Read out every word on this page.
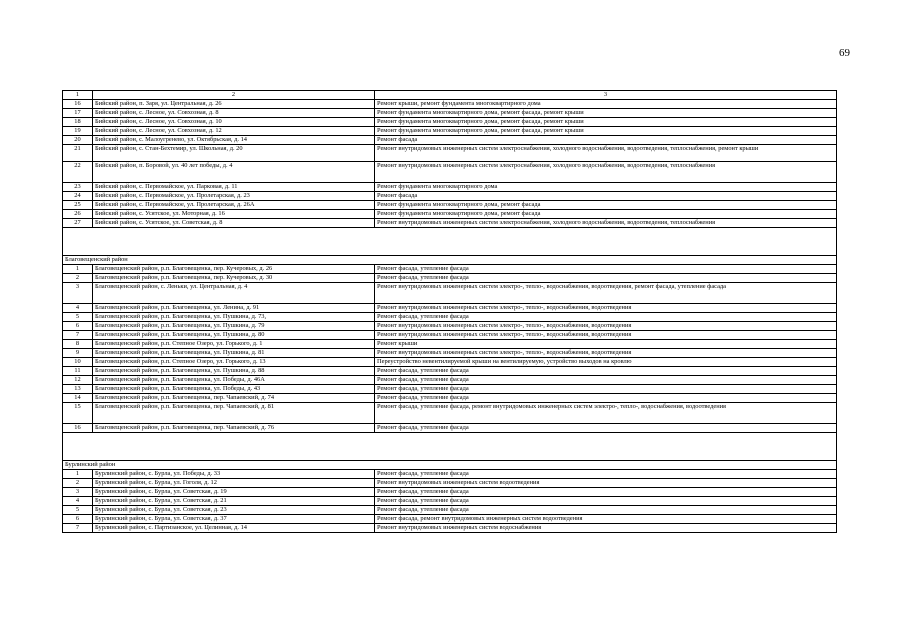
69
1	2	3
16	Бийский район, п. Заря, ул. Центральная, д. 26	Ремонт крыши, ремонт фундамента многоквартирного дома
17	Бийский район, с. Лесное, ул. Совхозная, д. 8	Ремонт фундамента многоквартирного дома, ремонт фасада, ремонт крыши
18	Бийский район, с. Лесное, ул. Совхозная, д. 10	Ремонт фундамента многоквартирного дома, ремонт фасада, ремонт крыши
19	Бийский район, с. Лесное, ул. Совхозная, д. 12	Ремонт фундамента многоквартирного дома, ремонт фасада, ремонт крыши
20	Бийский район, с. Малоугренево, ул. Октябрьская, д. 14	Ремонт фасада
21	Бийский район, с. Стан-Бехтемир, ул. Школьная, д. 20	Ремонт внутридомовых инженерных систем электроснабжения, холодного водоснабжения, водоотведения, теплоснабжения, ремонт крыши
22	Бийский район, п. Боровой, ул. 40 лет победы, д. 4	Ремонт внутридомовых инженерных систем электроснабжения, холодного водоснабжения, водоотведения, теплоснабжения
23	Бийский район, с. Первомайское, ул. Парковая, д. 11	Ремонт фундамента многоквартирного дома
24	Бийский район, с. Первомайское, ул. Пролетарская, д. 23	Ремонт фасада
25	Бийский район, с. Первомайское, ул. Пролетарская, д. 26А	Ремонт фундамента многоквартирного дома, ремонт фасада
26	Бийский район, с. Усятское, ул. Моторная, д. 16	Ремонт фундамента многоквартирного дома, ремонт фасада
27	Бийский район, с. Усятское, ул. Советская, д. 8	Ремонт внутридомовых инженерных систем электроснабжения, холодного водоснабжения, водоотведения, теплоснабжения

Благовещенский район		
1	Благовещенский район, р.п. Благовещенка, пер. Кучеровых, д. 26	Ремонт фасада, утепление фасада
2	Благовещенский район, р.п. Благовещенка, пер. Кучеровых, д. 30	Ремонт фасада, утепление фасада
3	Благовещенский район, с. Леньки, ул. Центральная, д. 4	Ремонт внутридомовых инженерных систем электро-, тепло-, водоснабжения, водоотведения, ремонт фасада, утепление фасада
4	Благовещенский район, р.п. Благовещенка, ул. Ленина, д. 91	Ремонт внутридомовых инженерных систем электро-, тепло-, водоснабжения, водоотведения
5	Благовещенский район, р.п. Благовещенка, ул. Пушкина, д. 73,	Ремонт фасада, утепление фасада
6	Благовещенский район, р.п. Благовещенка, ул. Пушкина, д. 79	Ремонт внутридомовых инженерных систем электро-, тепло-, водоснабжения, водоотведения
7	Благовещенский район, р.п. Благовещенка, ул. Пушкина, д. 80	Ремонт внутридомовых инженерных систем электро-, тепло-, водоснабжения, водоотведения
8	Благовещенский район, р.п. Степное Озеро, ул. Горького, д. 1	Ремонт крыши
9	Благовещенский район, р.п. Благовещенка, ул. Пушкина, д. 81	Ремонт внутридомовых инженерных систем электро-, тепло-, водоснабжения, водоотведения
10	Благовещенский район, р.п. Степное Озеро, ул. Горького, д. 13	Переустройство невентилируемой крыши на вентилируемую, устройство выходов на кровлю
11	Благовещенский район, р.п. Благовещенка, ул. Пушкина, д. 88	Ремонт фасада, утепление фасада
12	Благовещенский район, р.п. Благовещенка, ул. Победы, д. 46А	Ремонт фасада, утепление фасада
13	Благовещенский район, р.п. Благовещенка, ул. Победы, д. 43	Ремонт фасада, утепление фасада
14	Благовещенский район, р.п. Благовещенка, пер. Чапаевский, д. 74	Ремонт фасада, утепление фасада
15	Благовещенский район, р.п. Благовещенка, пер. Чапаевский, д. 81	Ремонт фасада, утепление фасада, ремонт внутридомовых инженерных систем электро-, тепло-, водоснабжения, водоотведения
16	Благовещенский район, р.п. Благовещенка, пер. Чапаевский, д. 76	Ремонт фасада, утепление фасада

Бурлинский район		
1	Бурлинский район, с. Бурла, ул. Победы, д. 33	Ремонт фасада, утепление фасада
2	Бурлинский район, с. Бурла, ул. Гоголя, д. 12	Ремонт внутридомовых инженерных систем водоотведения
3	Бурлинский район, с. Бурла, ул. Советская, д. 19	Ремонт фасада, утепление фасада
4	Бурлинский район, с. Бурла, ул. Советская, д. 21	Ремонт фасада, утепление фасада
5	Бурлинский район, с. Бурла, ул. Советская, д. 23	Ремонт фасада, утепление фасада
6	Бурлинский район, с. Бурла, ул. Советская, д. 37	Ремонт фасада, ремонт внутридомовых инженерных систем водоотведения
7	Бурлинский район, с. Партизанское, ул. Целинная, д. 14	Ремонт внутридомовых инженерных систем водоснабжения
